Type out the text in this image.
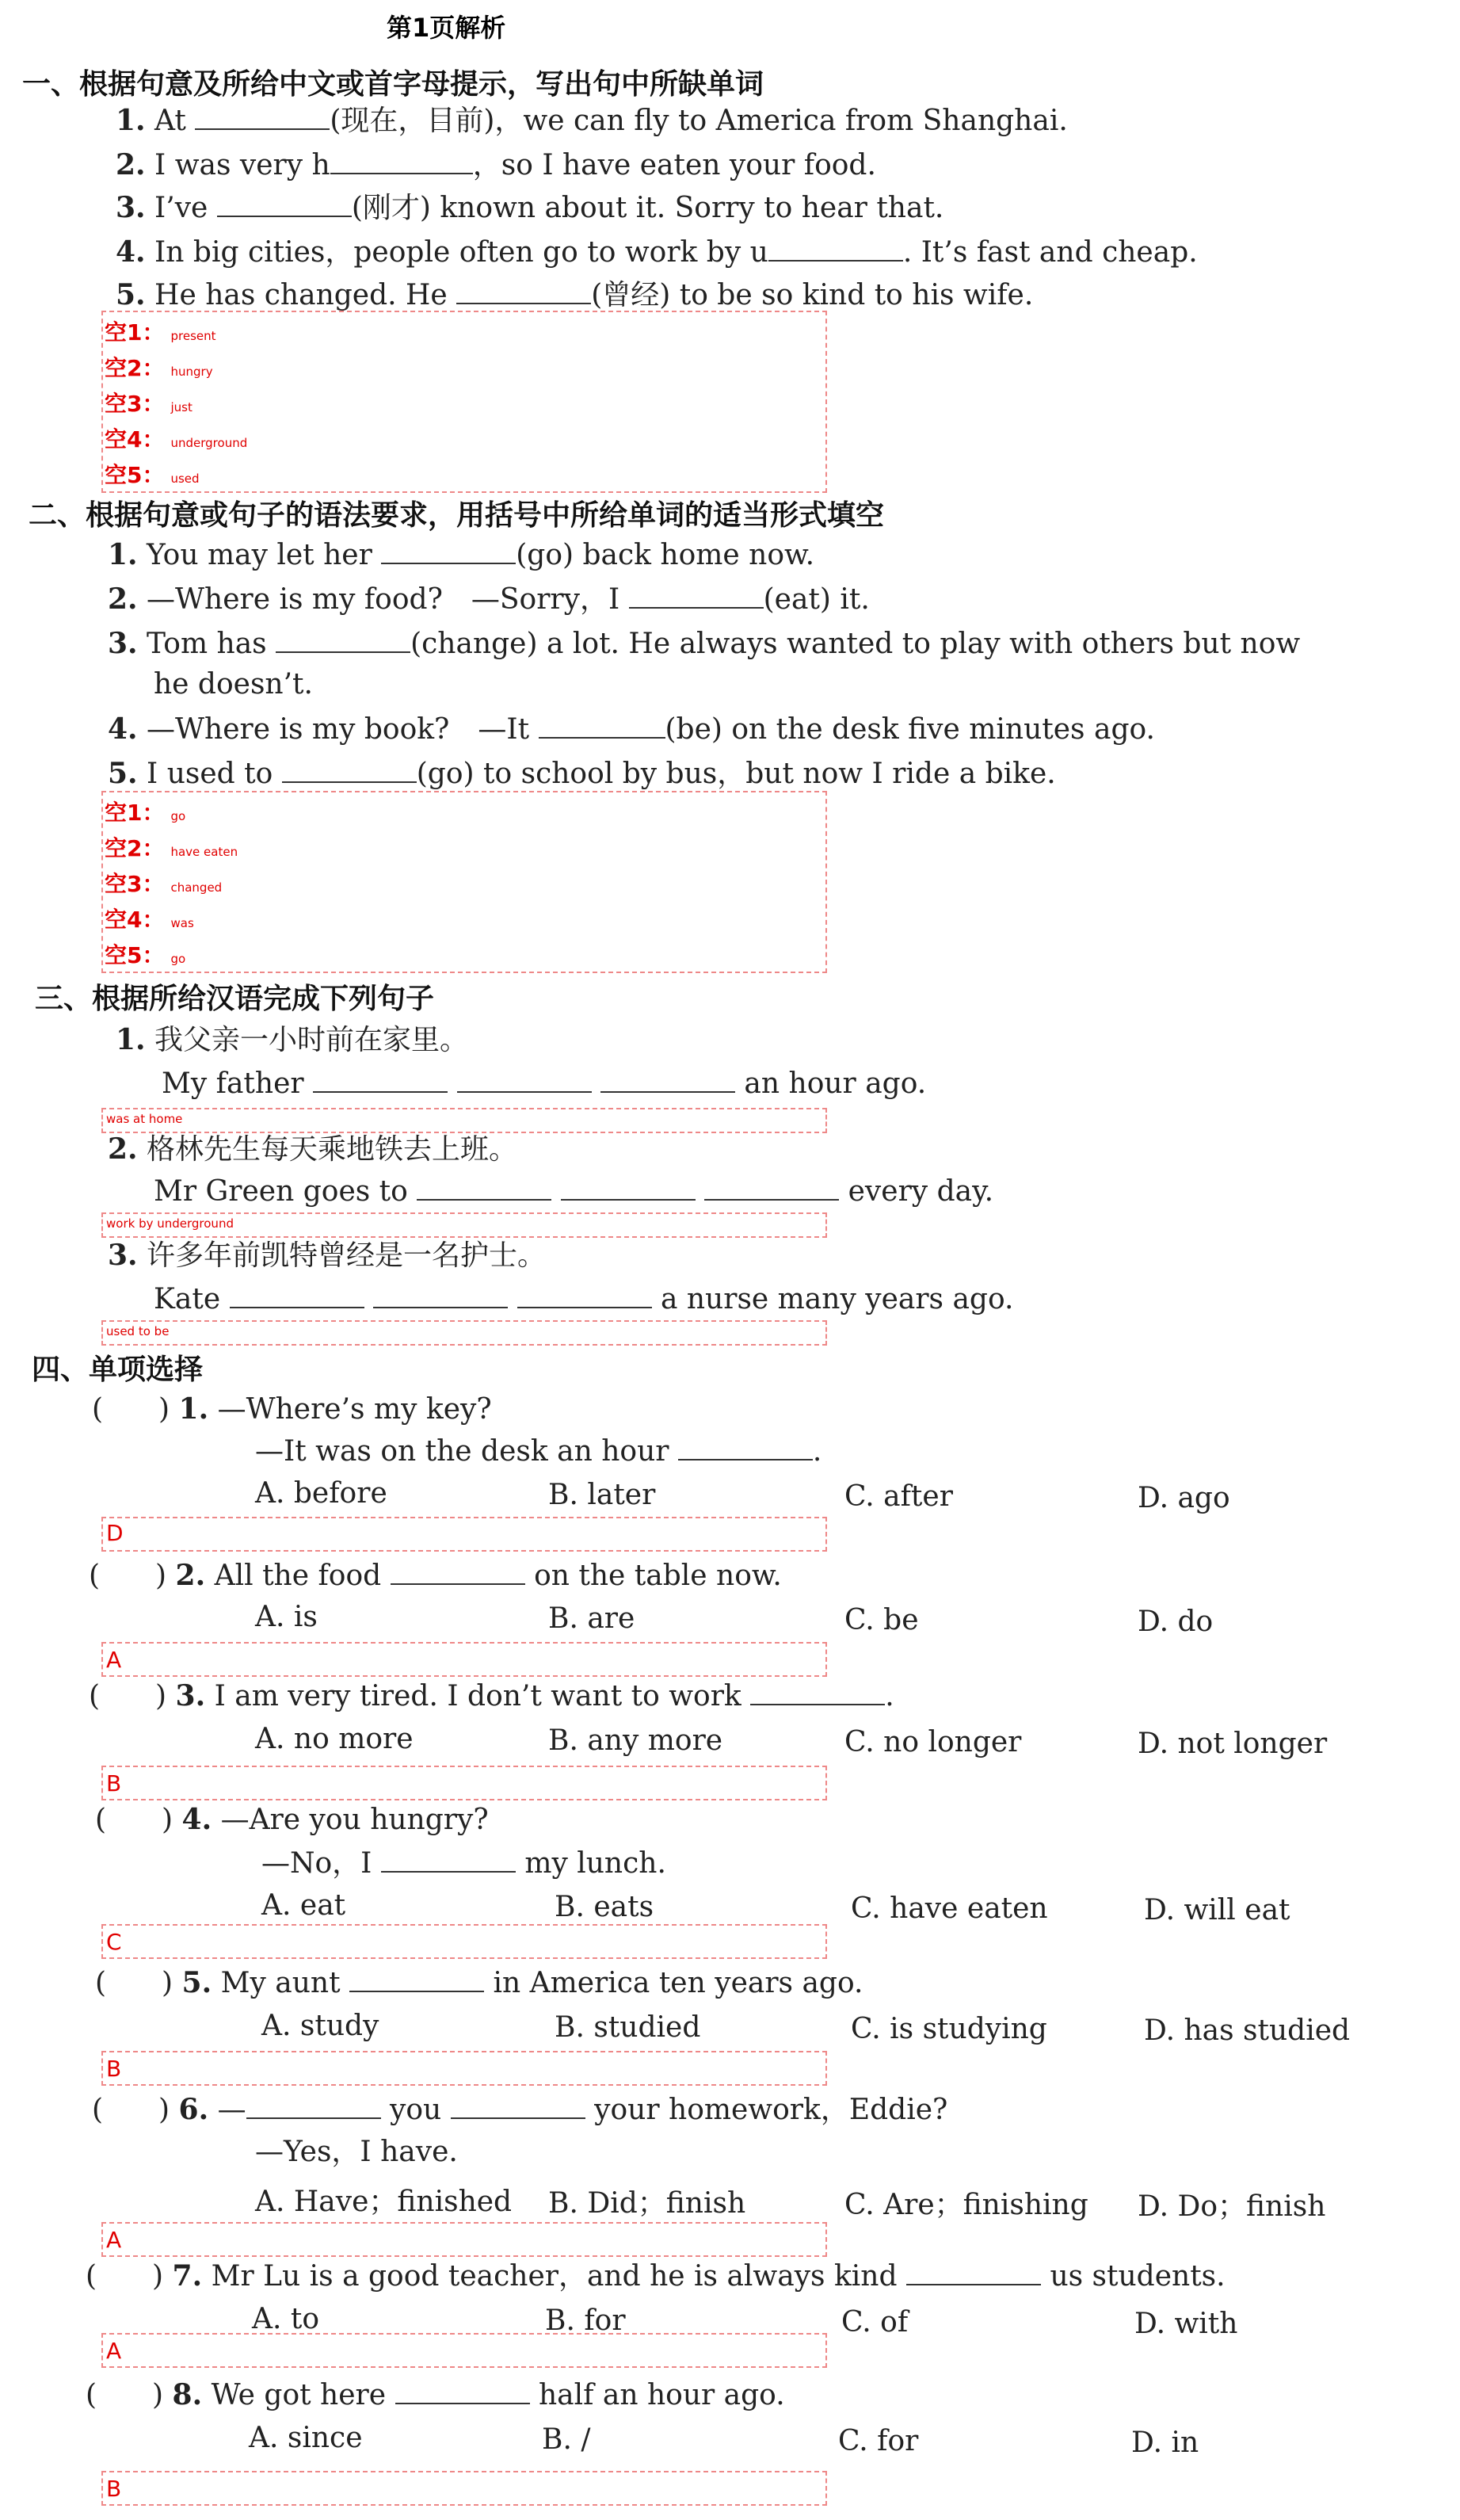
第1页解析
一、根据句意及所给中文或首字母提示，写出句中所缺单词
1. At	(现在，目前)，we can fly to America from Shanghai.
2. I was very h	，so I have eaten your food.
3. I’ve	(刚才) known about it. Sorry to hear that.
4. In big cities，people often go to work by u	. It’s fast and cheap.
5. He has changed. He	(曾经) to be so kind to his wife.
空1： present
空2： hungry
空3： just
空4： underground
空5： used
二、根据句意或句子的语法要求，用括号中所给单词的适当形式填空
1. You may let her	(go) back home now.
2. —Where is my food?　—Sorry，I	(eat) it.
3. Tom has	(change) a lot. He always wanted to play with others but now
he doesn’t.
4. —Where is my book?　—It	(be) on the desk five minutes ago.
5. I used to	(go) to school by bus，but now I ride a bike.
空1： go
空2： have eaten
空3： changed
空4： was
空5： go
三、根据所给汉语完成下列句子
1. 我父亲一小时前在家里。
My father	an hour ago.
was at home
2. 格林先生每天乘地铁去上班。
Mr Green goes to	every day.
work by underground
3. 许多年前凯特曾经是一名护士。
Kate	a nurse many years ago.
used to be
四、单项选择
( ) 1. —Where’s my key?
—It was on the desk an hour	.
A. before	B. later	C. after	D. ago
D
( ) 2. All the food	on the table now.
A. is	B. are	C. be	D. do
A
( ) 3. I am very tired. I don’t want to work	.
A. no more	B. any more	C. no longer	D. not longer
B
( ) 4. —Are you hungry?
—No，I	my lunch.
A. eat	B. eats	C. have eaten	D. will eat
C
( ) 5. My aunt	in America ten years ago.
A. study	B. studied	C. is studying	D. has studied
B
( ) 6. —	you	your homework，Eddie?
—Yes，I have.
A. Have；finished B. Did；finish	C. Are；finishing D. Do；finish
A
( ) 7. Mr Lu is a good teacher，and he is always kind	us students.
A. to	B. for	C. of	D. with
A
( ) 8. We got here	half an hour ago.
A. since	B. /	C. for	D. in
B
